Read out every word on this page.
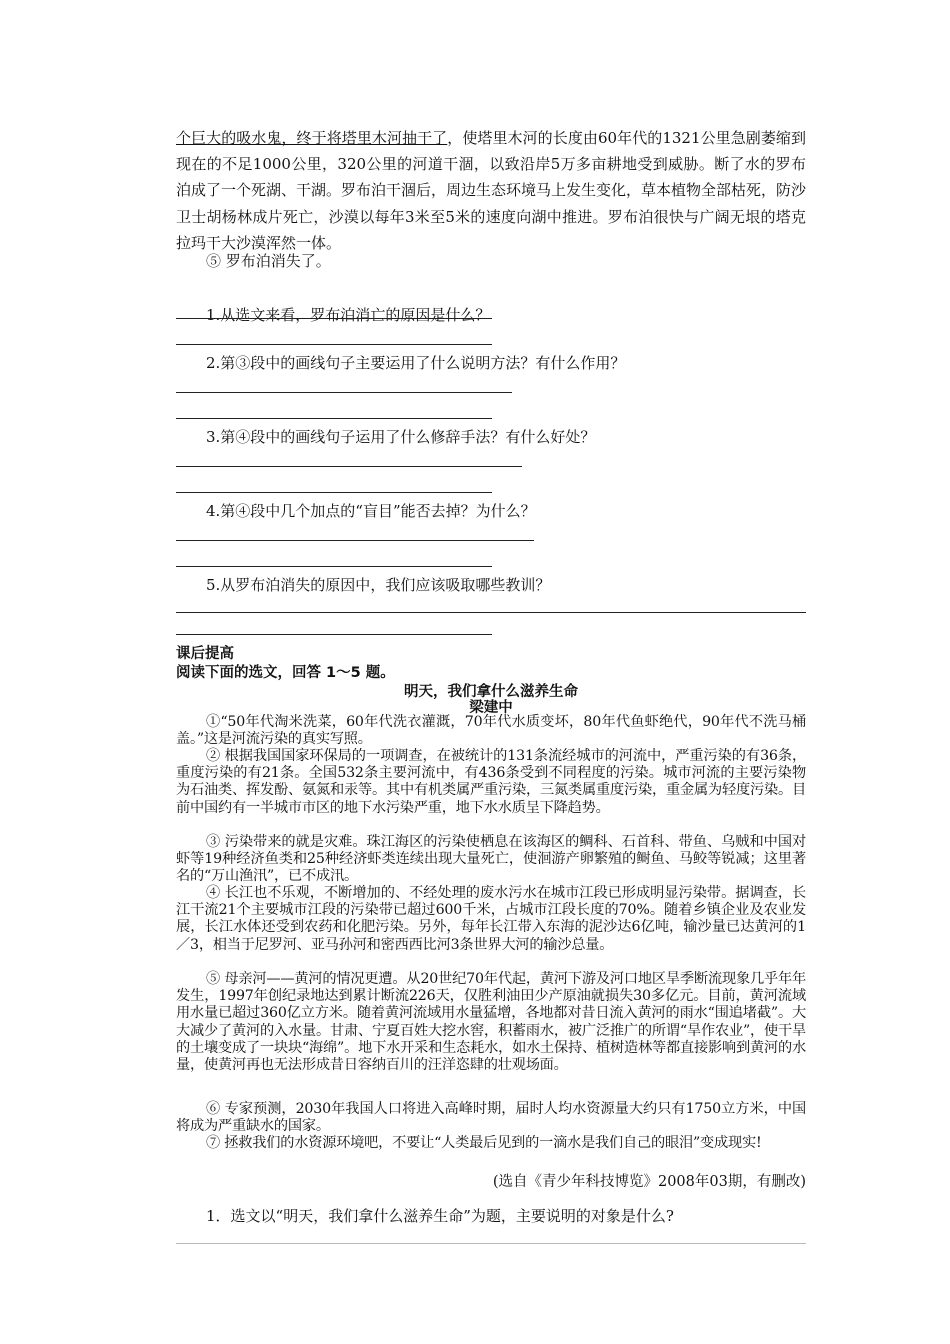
个巨大的吸水鬼，终于将塔里木河抽干了，使塔里木河的长度由60年代的1321公里急剧萎缩到现在的不足1000公里，320公里的河道干涸，以致沿岸5万多亩耕地受到威胁。断了水的罗布泊成了一个死湖、干湖。罗布泊干涸后，周边生态环境马上发生变化，草本植物全部枯死，防沙卫士胡杨林成片死亡，沙漠以每年3米至5米的速度向湖中推进。罗布泊很快与广阔无垠的塔克拉玛干大沙漠浑然一体。
⑤ 罗布泊消失了。
1.从选文来看，罗布泊消亡的原因是什么？
2.第③段中的画线句子主要运用了什么说明方法？有什么作用？
3.第④段中的画线句子运用了什么修辞手法？有什么好处？
4.第④段中几个加点的“盲目”能否去掉？为什么？
5.从罗布泊消失的原因中，我们应该吸取哪些教训？
课后提高
阅读下面的选文，回答 1～5 题。
明天，我们拿什么滋养生命
梁建中
①“50年代淘米洗菜，60年代洗衣灌溉，70年代水质变坏，80年代鱼虾绝代，90年代不洗马桶盖。”这是河流污染的真实写照。
② 根据我国国家环保局的一项调查，在被统计的131条流经城市的河流中，严重污染的有36条，重度污染的有21条。全国532条主要河流中，有436条受到不同程度的污染。城市河流的主要污染物为石油类、挥发酚、氨氮和汞等。其中有机类属严重污染，三氮类属重度污染，重金属为轻度污染。目前中国约有一半城市市区的地下水污染严重，地下水水质呈下降趋势。
③ 污染带来的就是灾难。珠江海区的污染使栖息在该海区的鲷科、石首科、带鱼、乌贼和中国对虾等19种经济鱼类和25种经济虾类连续出现大量死亡，使洄游产卵繁殖的鲥鱼、马鲛等锐减；这里著名的“万山渔汛”，已不成汛。
④ 长江也不乐观，不断增加的、不经处理的废水污水在城市江段已形成明显污染带。据调查，长江干流21个主要城市江段的污染带已超过600千米，占城市江段长度的70%。随着乡镇企业及农业发展，长江水体还受到农药和化肥污染。另外，每年长江带入东海的泥沙达6亿吨，输沙量已达黄河的1／3，相当于尼罗河、亚马孙河和密西西比河3条世界大河的输沙总量。
⑤ 母亲河——黄河的情况更遭。从20世纪70年代起，黄河下游及河口地区旱季断流现象几乎年年发生，1997年创纪录地达到累计断流226天，仅胜利油田少产原油就损失30多亿元。目前，黄河流域用水量已超过360亿立方米。随着黄河流域用水量猛增，各地都对昔日流入黄河的雨水“围追堵截”。大大减少了黄河的入水量。甘肃、宁夏百姓大挖水窖，积蓄雨水，被广泛推广的所谓“旱作农业”，使干旱的土壤变成了一块块“海绵”。地下水开采和生态耗水，如水土保持、植树造林等都直接影响到黄河的水量，使黄河再也无法形成昔日容纳百川的汪洋恣肆的壮观场面。
⑥ 专家预测，2030年我国人口将进入高峰时期，届时人均水资源量大约只有1750立方米，中国将成为严重缺水的国家。
⑦ 拯救我们的水资源环境吧，不要让“人类最后见到的一滴水是我们自己的眼泪”变成现实!
(选自《青少年科技博览》2008年03期，有删改)
1．选文以“明天，我们拿什么滋养生命”为题，主要说明的对象是什么?
